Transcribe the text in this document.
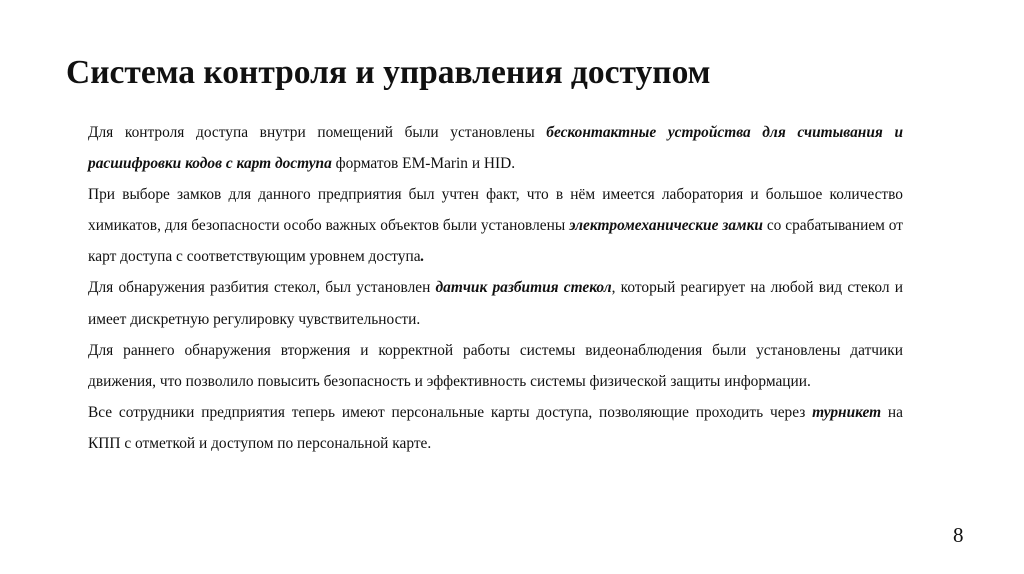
Система контроля и управления доступом

Для контроля доступа внутри помещений были установлены бесконтактные устройства для считывания и расшифровки кодов с карт доступа форматов EM-Marin и HID.

При выборе замков для данного предприятия был учтен факт, что в нём имеется лаборатория и большое количество химикатов, для безопасности особо важных объектов были установлены электромеханические замки со срабатыванием от карт доступа с соответствующим уровнем доступа.

Для обнаружения разбития стекол, был установлен датчик разбития стекол, который реагирует на любой вид стекол и имеет дискретную регулировку чувствительности.

Для раннего обнаружения вторжения и корректной работы системы видеонаблюдения были установлены датчики движения, что позволило повысить безопасность и эффективность системы физической защиты информации.

Все сотрудники предприятия теперь имеют персональные карты доступа, позволяющие проходить через турникет на КПП с отметкой и доступом по персональной карте.

8
